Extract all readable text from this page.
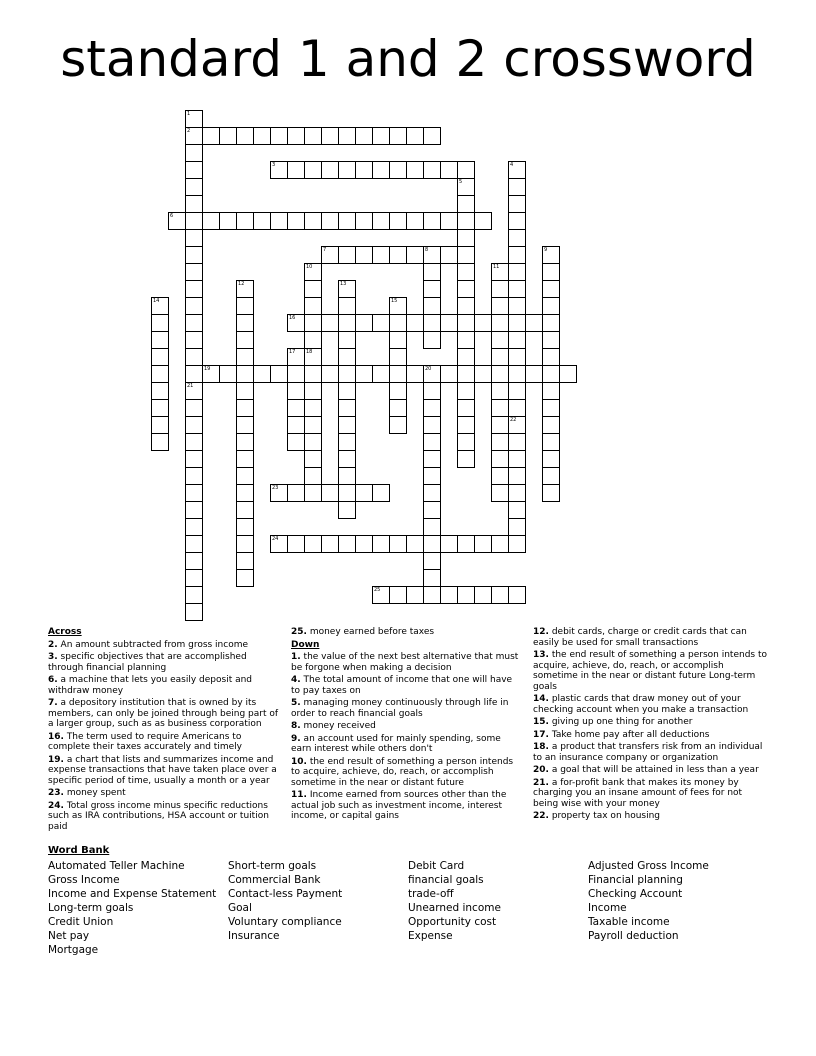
standard 1 and 2 crossword
1
2
3	4
5
6
7	8	9
10	11
12	13
14	15
16
17 18
19	20
21
22
23
24
25
Across
2. An amount subtracted from gross income
3. specific objectives that are accomplished through financial planning
6. a machine that lets you easily deposit and withdraw money
7. a depository institution that is owned by its members, can only be joined through being part of a larger group, such as as business corporation
16. The term used to require Americans to complete their taxes accurately and timely
19. a chart that lists and summarizes income and expense transactions that have taken place over a specific period of time, usually a month or a year
23. money spent
24. Total gross income minus specific reductions such as IRA contributions, HSA account or tuition paid
25. money earned before taxes
Down
1. the value of the next best alternative that must be forgone when making a decision
4. The total amount of income that one will have to pay taxes on
5. managing money continuously through life in order to reach financial goals
8. money received
9. an account used for mainly spending, some earn interest while others don't
10. the end result of something a person intends to acquire, achieve, do, reach, or accomplish sometime in the near or distant future
11. Income earned from sources other than the actual job such as investment income, interest income, or capital gains
12. debit cards, charge or credit cards that can easily be used for small transactions
13. the end result of something a person intends to acquire, achieve, do, reach, or accomplish sometime in the near or distant future Long-term goals
14. plastic cards that draw money out of your checking account when you make a transaction
15. giving up one thing for another
17. Take home pay after all deductions
18. a product that transfers risk from an individual to an insurance company or organization
20. a goal that will be attained in less than a year
21. a for-profit bank that makes its money by charging you an insane amount of fees for not being wise with your money
22. property tax on housing
Word Bank
Automated Teller Machine
Gross Income
Income and Expense Statement
Long-term goals
Credit Union
Net pay
Mortgage
Short-term goals
Commercial Bank
Contact-less Payment
Goal
Voluntary compliance
Insurance
Debit Card
financial goals
trade-off
Unearned income
Opportunity cost
Expense
Adjusted Gross Income
Financial planning
Checking Account
Income
Taxable income
Payroll deduction
